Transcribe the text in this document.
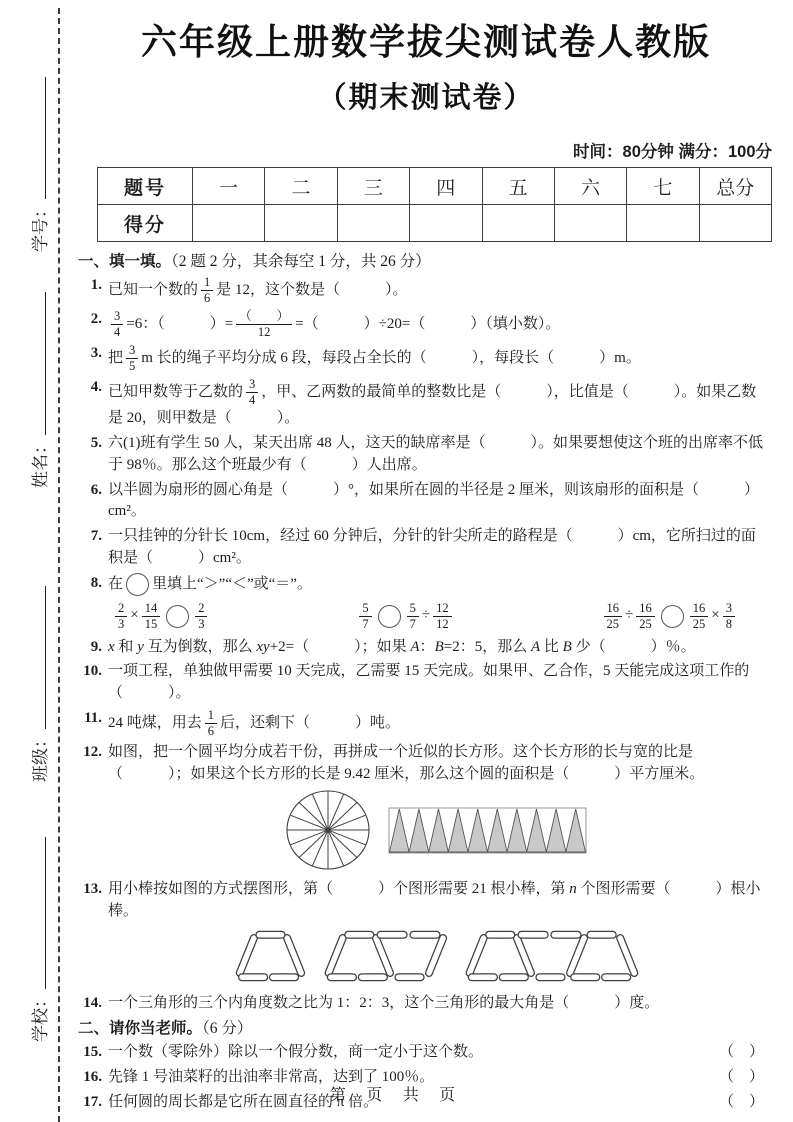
学号：
姓名：
班级：
学校：
六年级上册数学拔尖测试卷人教版
（期末测试卷）
时间：80分钟 满分：100分
题号	一	二	三	四	五	六	七	总分
得分								
一、填一填。（2 题 2 分，其余每空 1 分，共 26 分）
1. 已知一个数的 $\frac{1}{6}$ 是 12，这个数是（　　　）。
2. $\frac{3}{4} =6$：（　　　）= $\frac{( )}{12}$ =（　　　）÷20=（　　　）（填小数）。
3. 把 $\frac{3}{5}$ m 长的绳子平均分成 6 段，每段占全长的（　　　），每段长（　　　）m。
4. 已知甲数等于乙数的 $\frac{3}{4}$ ，甲、乙两数的最简单的整数比是（　　　），比值是（　　　）。如果乙数是 20，则甲数是（　　　）。
5. 六(1)班有学生 50 人，某天出席 48 人，这天的缺席率是（　　　）。如果要想使这个班的出席率不低于 98％。那么这个班最少有（　　　）人出席。
6. 以半圆为扇形的圆心角是（　　　）°，如果所在圆的半径是 2 厘米，则该扇形的面积是（　　　）cm²。
7. 一只挂钟的分针长 10cm，经过 60 分钟后，分针的针尖所走的路程是（　　　）cm，它所扫过的面积是（　　　）cm²。
8. 在 里填上“＞”“＜”或“＝”。
$\frac{2}{3} \times \frac{14}{15}$	$\frac{2}{3}$	$\frac{5}{7}$	$\frac{5}{7} \div \frac{12}{12}$	$\frac{16}{25} \div \frac{16}{25}$	$\frac{16}{25} \times \frac{3}{8}$
9. x 和 y 互为倒数，那么 xy+2=（　　　）；如果 A：B=2：5，那么 A 比 B 少（　　　）％。
10. 一项工程，单独做甲需要 10 天完成，乙需要 15 天完成。如果甲、乙合作，5 天能完成这项工作的（　　　）。
11. 24 吨煤，用去 $\frac{1}{6}$ 后，还剩下（　　　）吨。
12. 如图，把一个圆平均分成若干份，再拼成一个近似的长方形。这个长方形的长与宽的比是（　　　）；如果这个长方形的长是 9.42 厘米，那么这个圆的面积是（　　　）平方厘米。
13. 用小棒按如图的方式摆图形，第（　　　）个图形需要 21 根小棒，第 n 个图形需要（　　　）根小棒。
14. 一个三角形的三个内角度数之比为 1：2：3，这个三角形的最大角是（　　　）度。
二、请你当老师。（6 分）
15. 一个数（零除外）除以一个假分数，商一定小于这个数。	（　）
16. 先锋 1 号油菜籽的出油率非常高，达到了 100％。	（　）
17. 任何圆的周长都是它所在圆直径的 π 倍。	（　）
第 页 共 页
